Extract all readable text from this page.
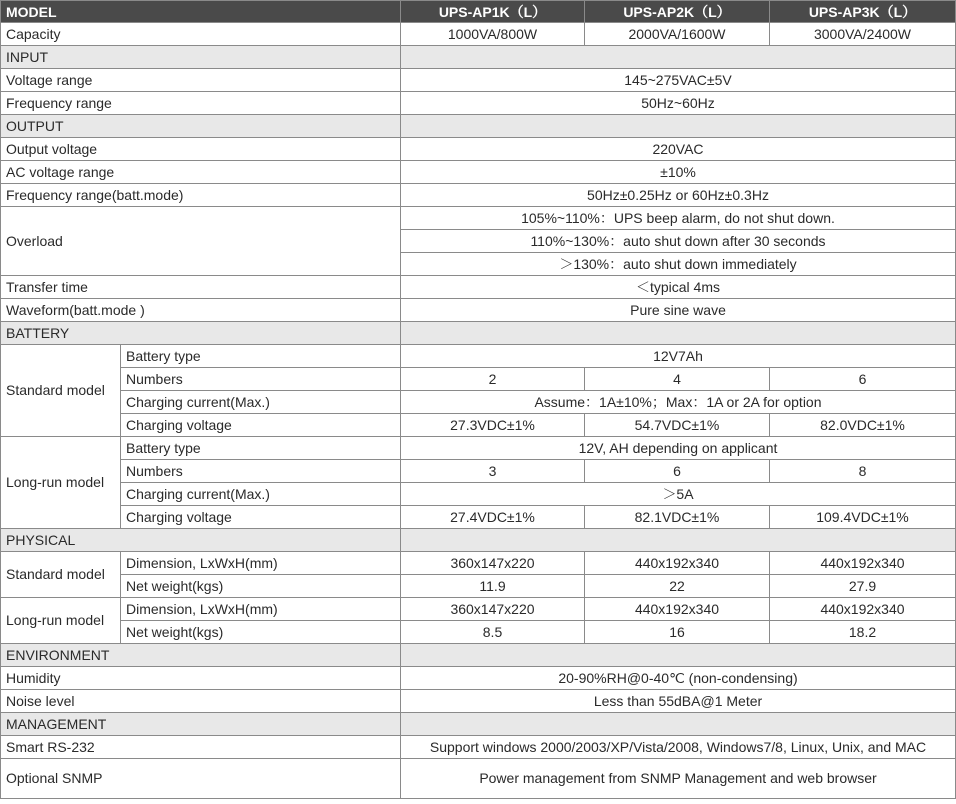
MODEL		UPS-AP1K（L）	UPS-AP2K（L）	UPS-AP3K（L）
Capacity		1000VA/800W	2000VA/1600W	3000VA/2400W
INPUT				
Voltage range		145~275VAC±5V		
Frequency range		50Hz~60Hz		
OUTPUT				
Output voltage		220VAC		
AC voltage range		±10%		
Frequency range(batt.mode)		50Hz±0.25Hz or 60Hz±0.3Hz		
Overload		105%~110%：UPS beep alarm, do not shut down.		
		110%~130%：auto shut down after 30 seconds		
		＞130%：auto shut down immediately		
Transfer time		＜typical 4ms		
Waveform(batt.mode )		Pure sine wave		
BATTERY				
Standard model	Battery type	12V7Ah		
	Numbers	2	4	6
	Charging current(Max.)	Assume：1A±10%；Max：1A or 2A for option		
	Charging voltage	27.3VDC±1%	54.7VDC±1%	82.0VDC±1%
Long-run model	Battery type	12V, AH depending on applicant		
	Numbers	3	6	8
	Charging current(Max.)	＞5A		
	Charging voltage	27.4VDC±1%	82.1VDC±1%	109.4VDC±1%
PHYSICAL				
Standard model	Dimension, LxWxH(mm)	360x147x220	440x192x340	440x192x340
	Net weight(kgs)	11.9	22	27.9
Long-run model	Dimension, LxWxH(mm)	360x147x220	440x192x340	440x192x340
	Net weight(kgs)	8.5	16	18.2
ENVIRONMENT				
Humidity		20-90%RH@0-40℃ (non-condensing)		
Noise level		Less than 55dBA@1 Meter		
MANAGEMENT				
Smart RS-232		Support windows 2000/2003/XP/Vista/2008, Windows7/8, Linux, Unix, and MAC		
Optional SNMP		Power management from SNMP Management and web browser		
